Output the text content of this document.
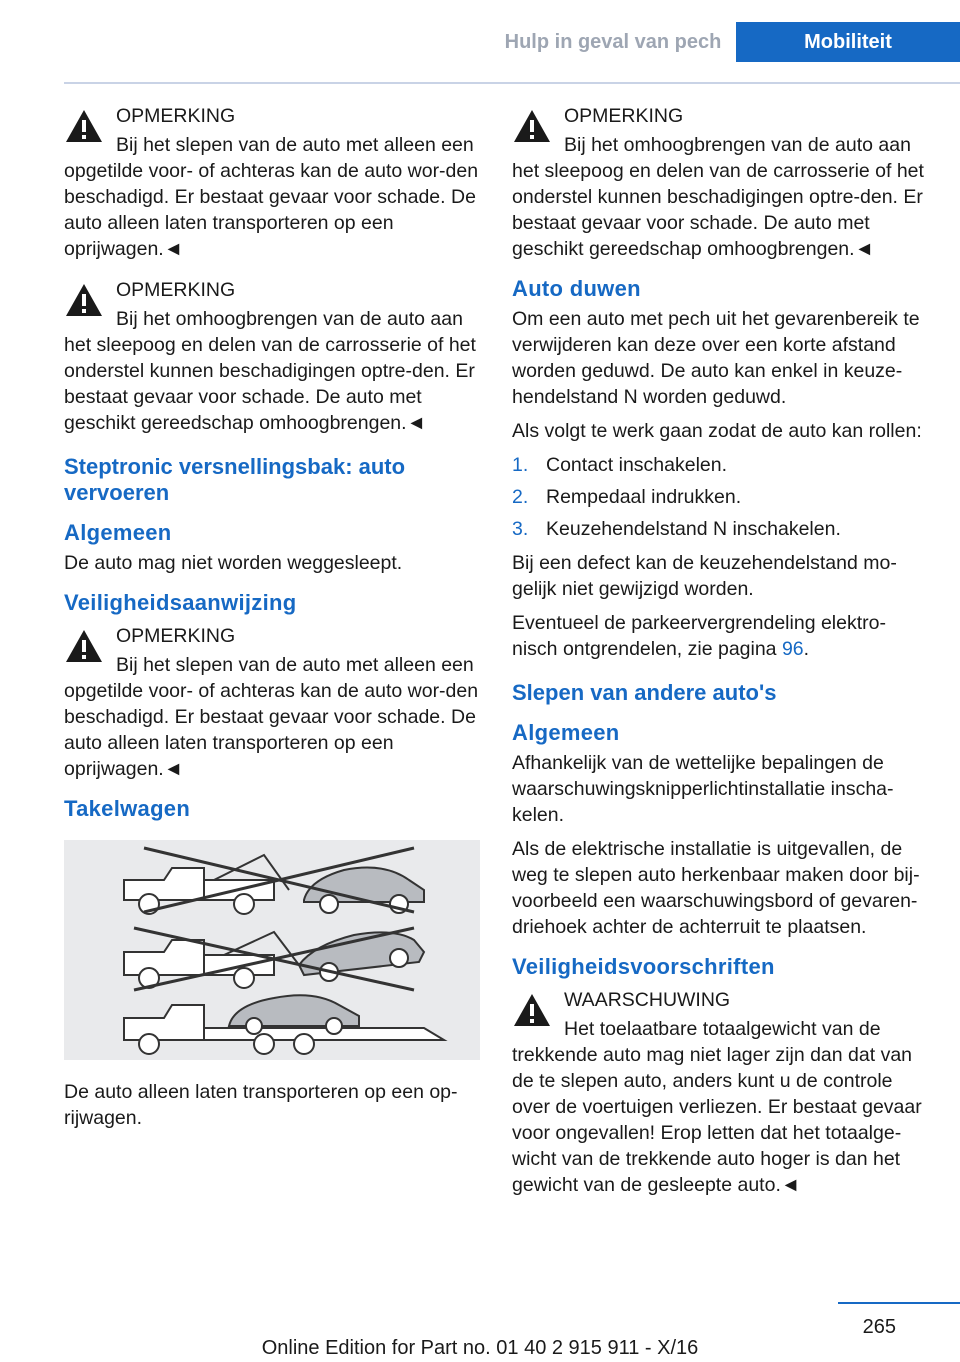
Hulp in geval van pech	Mobiliteit
OPMERKING
Bij het slepen van de auto met alleen een
opgetilde voor- of achteras kan de auto wor-den beschadigd. Er bestaat gevaar voor schade. De auto alleen laten transporteren op een oprijwagen.◄
OPMERKING
Bij het omhoogbrengen van de auto aan
het sleepoog en delen van de carrosserie of het onderstel kunnen beschadigingen optre-den. Er bestaat gevaar voor schade. De auto met geschikt gereedschap omhoogbrengen.◄
Steptronic versnellingsbak: auto vervoeren
Algemeen

De auto mag niet worden weggesleept.

Veiligheidsaanwijzing
OPMERKING
Bij het slepen van de auto met alleen een
opgetilde voor- of achteras kan de auto wor-den beschadigd. Er bestaat gevaar voor schade. De auto alleen laten transporteren op een oprijwagen.◄
Takelwagen

De auto alleen laten transporteren op een op-rijwagen.

OPMERKING
Bij het omhoogbrengen van de auto aan
het sleepoog en delen van de carrosserie of het onderstel kunnen beschadigingen optre-den. Er bestaat gevaar voor schade. De auto met geschikt gereedschap omhoogbrengen.◄
Auto duwen

Om een auto met pech uit het gevarenbereik te verwijderen kan deze over een korte afstand worden geduwd. De auto kan enkel in keuze-hendelstand N worden geduwd.

Als volgt te werk gaan zodat de auto kan rollen:

1. Contact inschakelen.
2. Rempedaal indrukken.
3. Keuzehendelstand N inschakelen.

Bij een defect kan de keuzehendelstand mo-gelijk niet gewijzigd worden.

Eventueel de parkeervergrendeling elektro-nisch ontgrendelen, zie pagina 96.

Slepen van andere auto's
Algemeen

Afhankelijk van de wettelijke bepalingen de waarschuwingsknipperlichtinstallatie inscha-kelen.

Als de elektrische installatie is uitgevallen, de weg te slepen auto herkenbaar maken door bij-voorbeeld een waarschuwingsbord of gevaren-driehoek achter de achterruit te plaatsen.

Veiligheidsvoorschriften
WAARSCHUWING
Het toelaatbare totaalgewicht van de
trekkende auto mag niet lager zijn dan dat van de te slepen auto, anders kunt u de controle over de voertuigen verliezen. Er bestaat gevaar voor ongevallen! Erop letten dat het totaalge-wicht van de trekkende auto hoger is dan het gewicht van de gesleepte auto.◄
265
Online Edition for Part no. 01 40 2 915 911 - X/16
